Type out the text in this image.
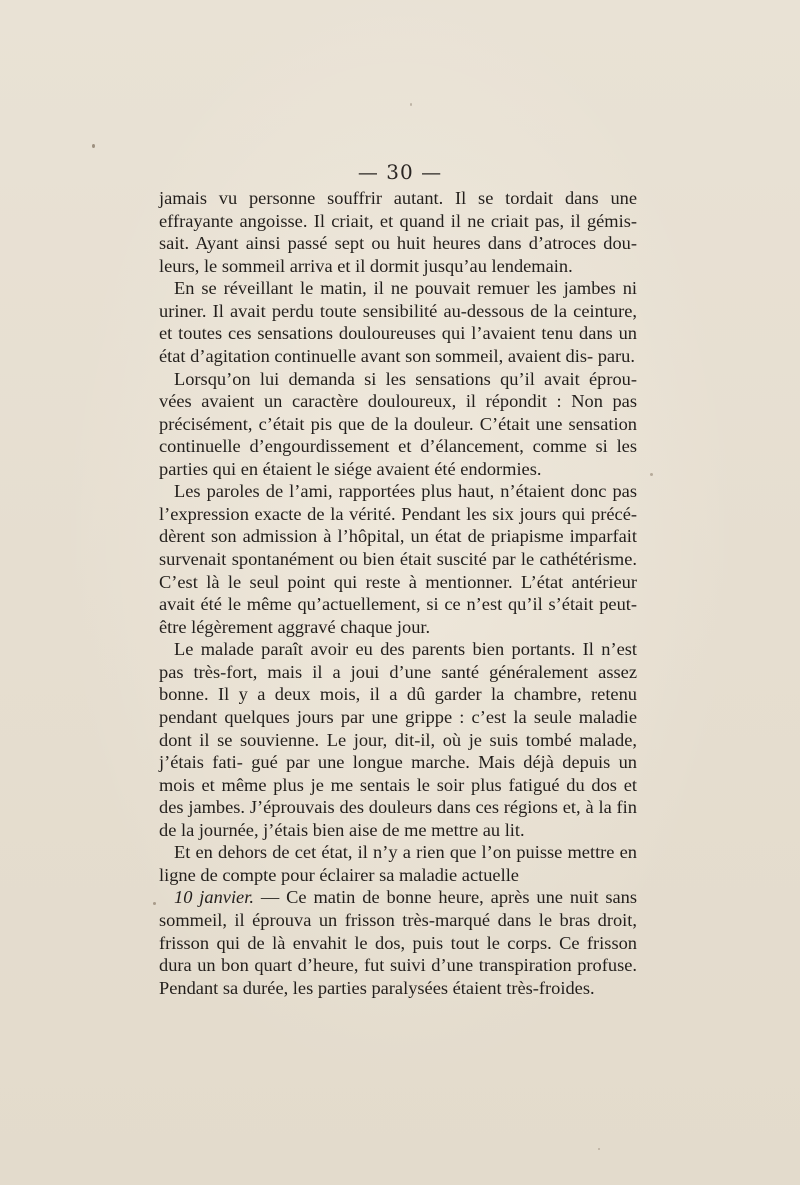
— 30 —

jamais vu personne souffrir autant. Il se tordait dans une effrayante angoisse. Il criait, et quand il ne criait pas, il gémis- sait. Ayant ainsi passé sept ou huit heures dans d’atroces dou- leurs, le sommeil arriva et il dormit jusqu’au lendemain.

En se réveillant le matin, il ne pouvait remuer les jambes ni uriner. Il avait perdu toute sensibilité au-dessous de la ceinture, et toutes ces sensations douloureuses qui l’avaient tenu dans un état d’agitation continuelle avant son sommeil, avaient dis- paru.

Lorsqu’on lui demanda si les sensations qu’il avait éprou- vées avaient un caractère douloureux, il répondit : Non pas précisément, c’était pis que de la douleur. C’était une sensation continuelle d’engourdissement et d’élancement, comme si les parties qui en étaient le siége avaient été endormies.

Les paroles de l’ami, rapportées plus haut, n’étaient donc pas l’expression exacte de la vérité. Pendant les six jours qui précé- dèrent son admission à l’hôpital, un état de priapisme imparfait survenait spontanément ou bien était suscité par le cathétérisme. C’est là le seul point qui reste à mentionner. L’état antérieur avait été le même qu’actuellement, si ce n’est qu’il s’était peut- être légèrement aggravé chaque jour.

Le malade paraît avoir eu des parents bien portants. Il n’est pas très-fort, mais il a joui d’une santé généralement assez bonne. Il y a deux mois, il a dû garder la chambre, retenu pendant quelques jours par une grippe : c’est la seule maladie dont il se souvienne. Le jour, dit-il, où je suis tombé malade, j’étais fati- gué par une longue marche. Mais déjà depuis un mois et même plus je me sentais le soir plus fatigué du dos et des jambes. J’éprouvais des douleurs dans ces régions et, à la fin de la journée, j’étais bien aise de me mettre au lit.

Et en dehors de cet état, il n’y a rien que l’on puisse mettre en ligne de compte pour éclairer sa maladie actuelle

10 janvier. — Ce matin de bonne heure, après une nuit sans sommeil, il éprouva un frisson très-marqué dans le bras droit, frisson qui de là envahit le dos, puis tout le corps. Ce frisson dura un bon quart d’heure, fut suivi d’une transpiration profuse. Pendant sa durée, les parties paralysées étaient très-froides.
